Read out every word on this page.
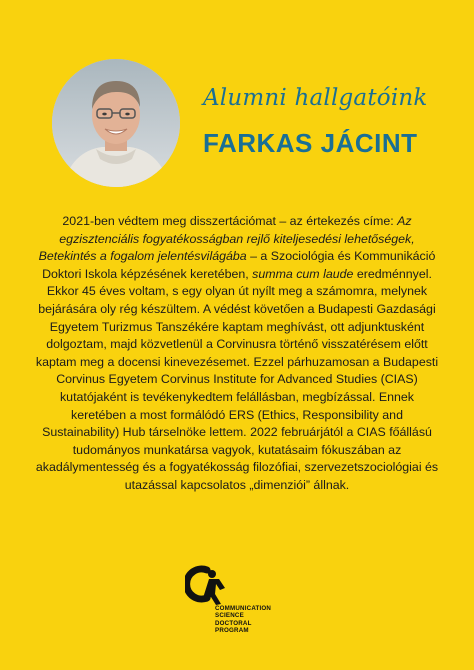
Alumni hallgatóink
FARKAS JÁCINT
2021-ben védtem meg disszertációmat – az értekezés címe: Az egzisztenciális fogyatékosságban rejlő kiteljesedési lehetőségek, Betekintés a fogalom jelentésvilágába – a Szociológia és Kommunikáció Doktori Iskola képzésének keretében, summa cum laude eredménnyel. Ekkor 45 éves voltam, s egy olyan út nyílt meg a számomra, melynek bejárására oly rég készültem. A védést követően a Budapesti Gazdasági Egyetem Turizmus Tanszékére kaptam meghívást, ott adjunktusként dolgoztam, majd közvetlenül a Corvinusra történő visszatérésem előtt kaptam meg a docensi kinevezésemet. Ezzel párhuzamosan a Budapesti Corvinus Egyetem Corvinus Institute for Advanced Studies (CIAS) kutatójaként is tevékenykedtem felállásban, megbízással. Ennek keretében a most formálódó ERS (Ethics, Responsibility and Sustainability) Hub társelnöke lettem. 2022 februárjától a CIAS főállású tudományos munkatársa vagyok, kutatásaim fókuszában az akadálymentesség és a fogyatékosság filozófiai, szervezetszociológiai és utazással kapcsolatos „dimenziói” állnak.
COMMUNICATION
SCIENCE
DOCTORAL
PROGRAM
